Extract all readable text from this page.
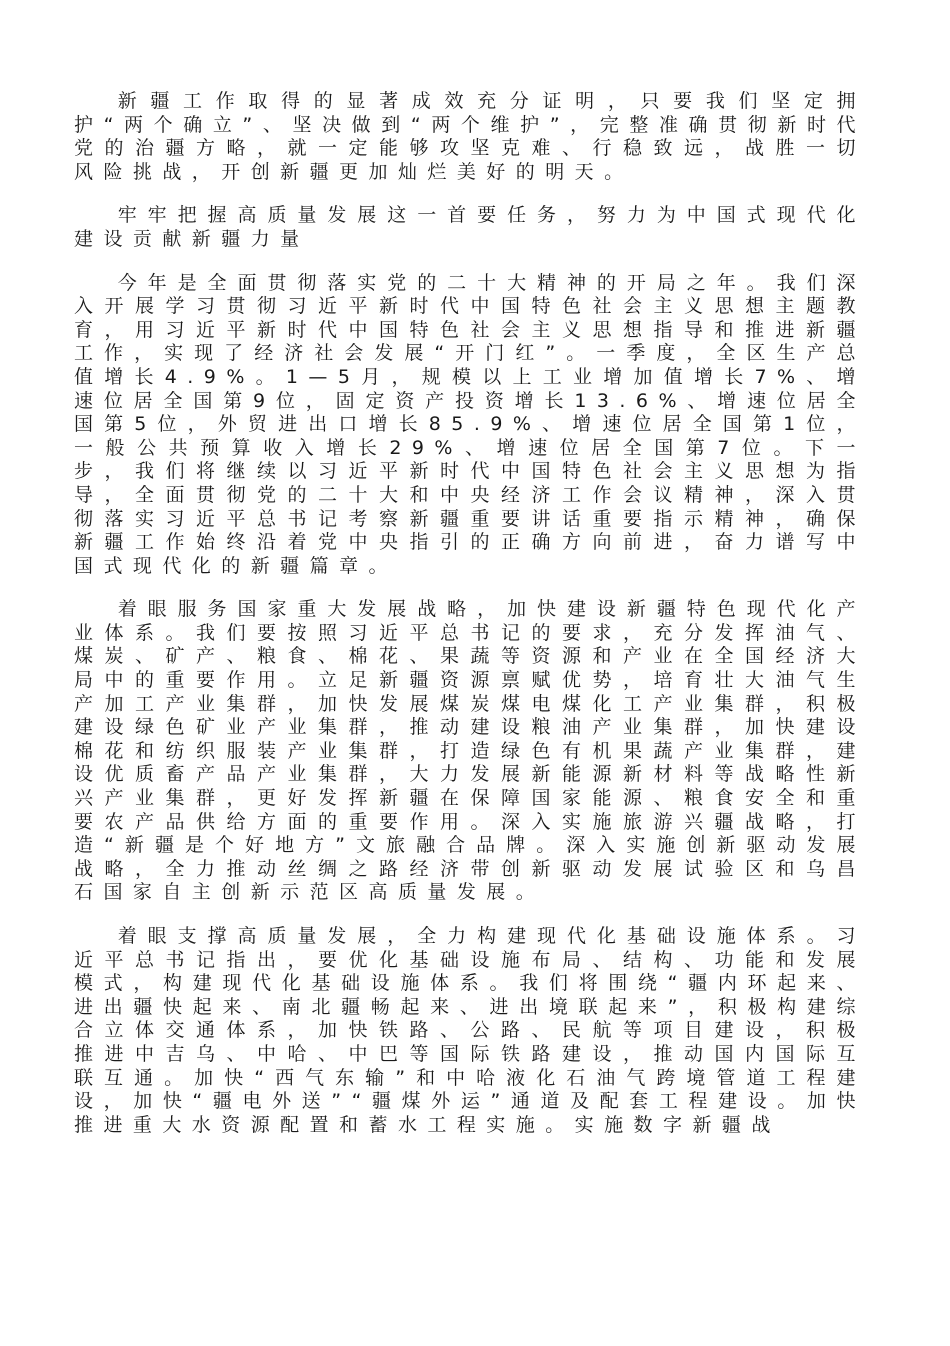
新疆工作取得的显著成效充分证明，只要我们坚定拥护“两个确立”、坚决做到“两个维护”，完整准确贯彻新时代党的治疆方略，就一定能够攻坚克难、行稳致远，战胜一切风险挑战，开创新疆更加灿烂美好的明天。

牢牢把握高质量发展这一首要任务，努力为中国式现代化建设贡献新疆力量

今年是全面贯彻落实党的二十大精神的开局之年。我们深入开展学习贯彻习近平新时代中国特色社会主义思想主题教育，用习近平新时代中国特色社会主义思想指导和推进新疆工作，实现了经济社会发展“开门红”。一季度，全区生产总值增长4.9%。1—5月，规模以上工业增加值增长7%、增速位居全国第9位，固定资产投资增长13.6%、增速位居全国第5位，外贸进出口增长85.9%、增速位居全国第1位，一般公共预算收入增长29%、增速位居全国第7位。下一步，我们将继续以习近平新时代中国特色社会主义思想为指导，全面贯彻党的二十大和中央经济工作会议精神，深入贯彻落实习近平总书记考察新疆重要讲话重要指示精神，确保新疆工作始终沿着党中央指引的正确方向前进，奋力谱写中国式现代化的新疆篇章。

着眼服务国家重大发展战略，加快建设新疆特色现代化产业体系。我们要按照习近平总书记的要求，充分发挥油气、煤炭、矿产、粮食、棉花、果蔬等资源和产业在全国经济大局中的重要作用。立足新疆资源禀赋优势，培育壮大油气生产加工产业集群，加快发展煤炭煤电煤化工产业集群，积极建设绿色矿业产业集群，推动建设粮油产业集群，加快建设棉花和纺织服装产业集群，打造绿色有机果蔬产业集群，建设优质畜产品产业集群，大力发展新能源新材料等战略性新兴产业集群，更好发挥新疆在保障国家能源、粮食安全和重要农产品供给方面的重要作用。深入实施旅游兴疆战略，打造“新疆是个好地方”文旅融合品牌。深入实施创新驱动发展战略，全力推动丝绸之路经济带创新驱动发展试验区和乌昌石国家自主创新示范区高质量发展。

着眼支撑高质量发展，全力构建现代化基础设施体系。习近平总书记指出，要优化基础设施布局、结构、功能和发展模式，构建现代化基础设施体系。我们将围绕“疆内环起来、进出疆快起来、南北疆畅起来、进出境联起来”，积极构建综合立体交通体系，加快铁路、公路、民航等项目建设，积极推进中吉乌、中哈、中巴等国际铁路建设，推动国内国际互联互通。加快“西气东输”和中哈液化石油气跨境管道工程建设，加快“疆电外送”“疆煤外运”通道及配套工程建设。加快推进重大水资源配置和蓄水工程实施。实施数字新疆战
